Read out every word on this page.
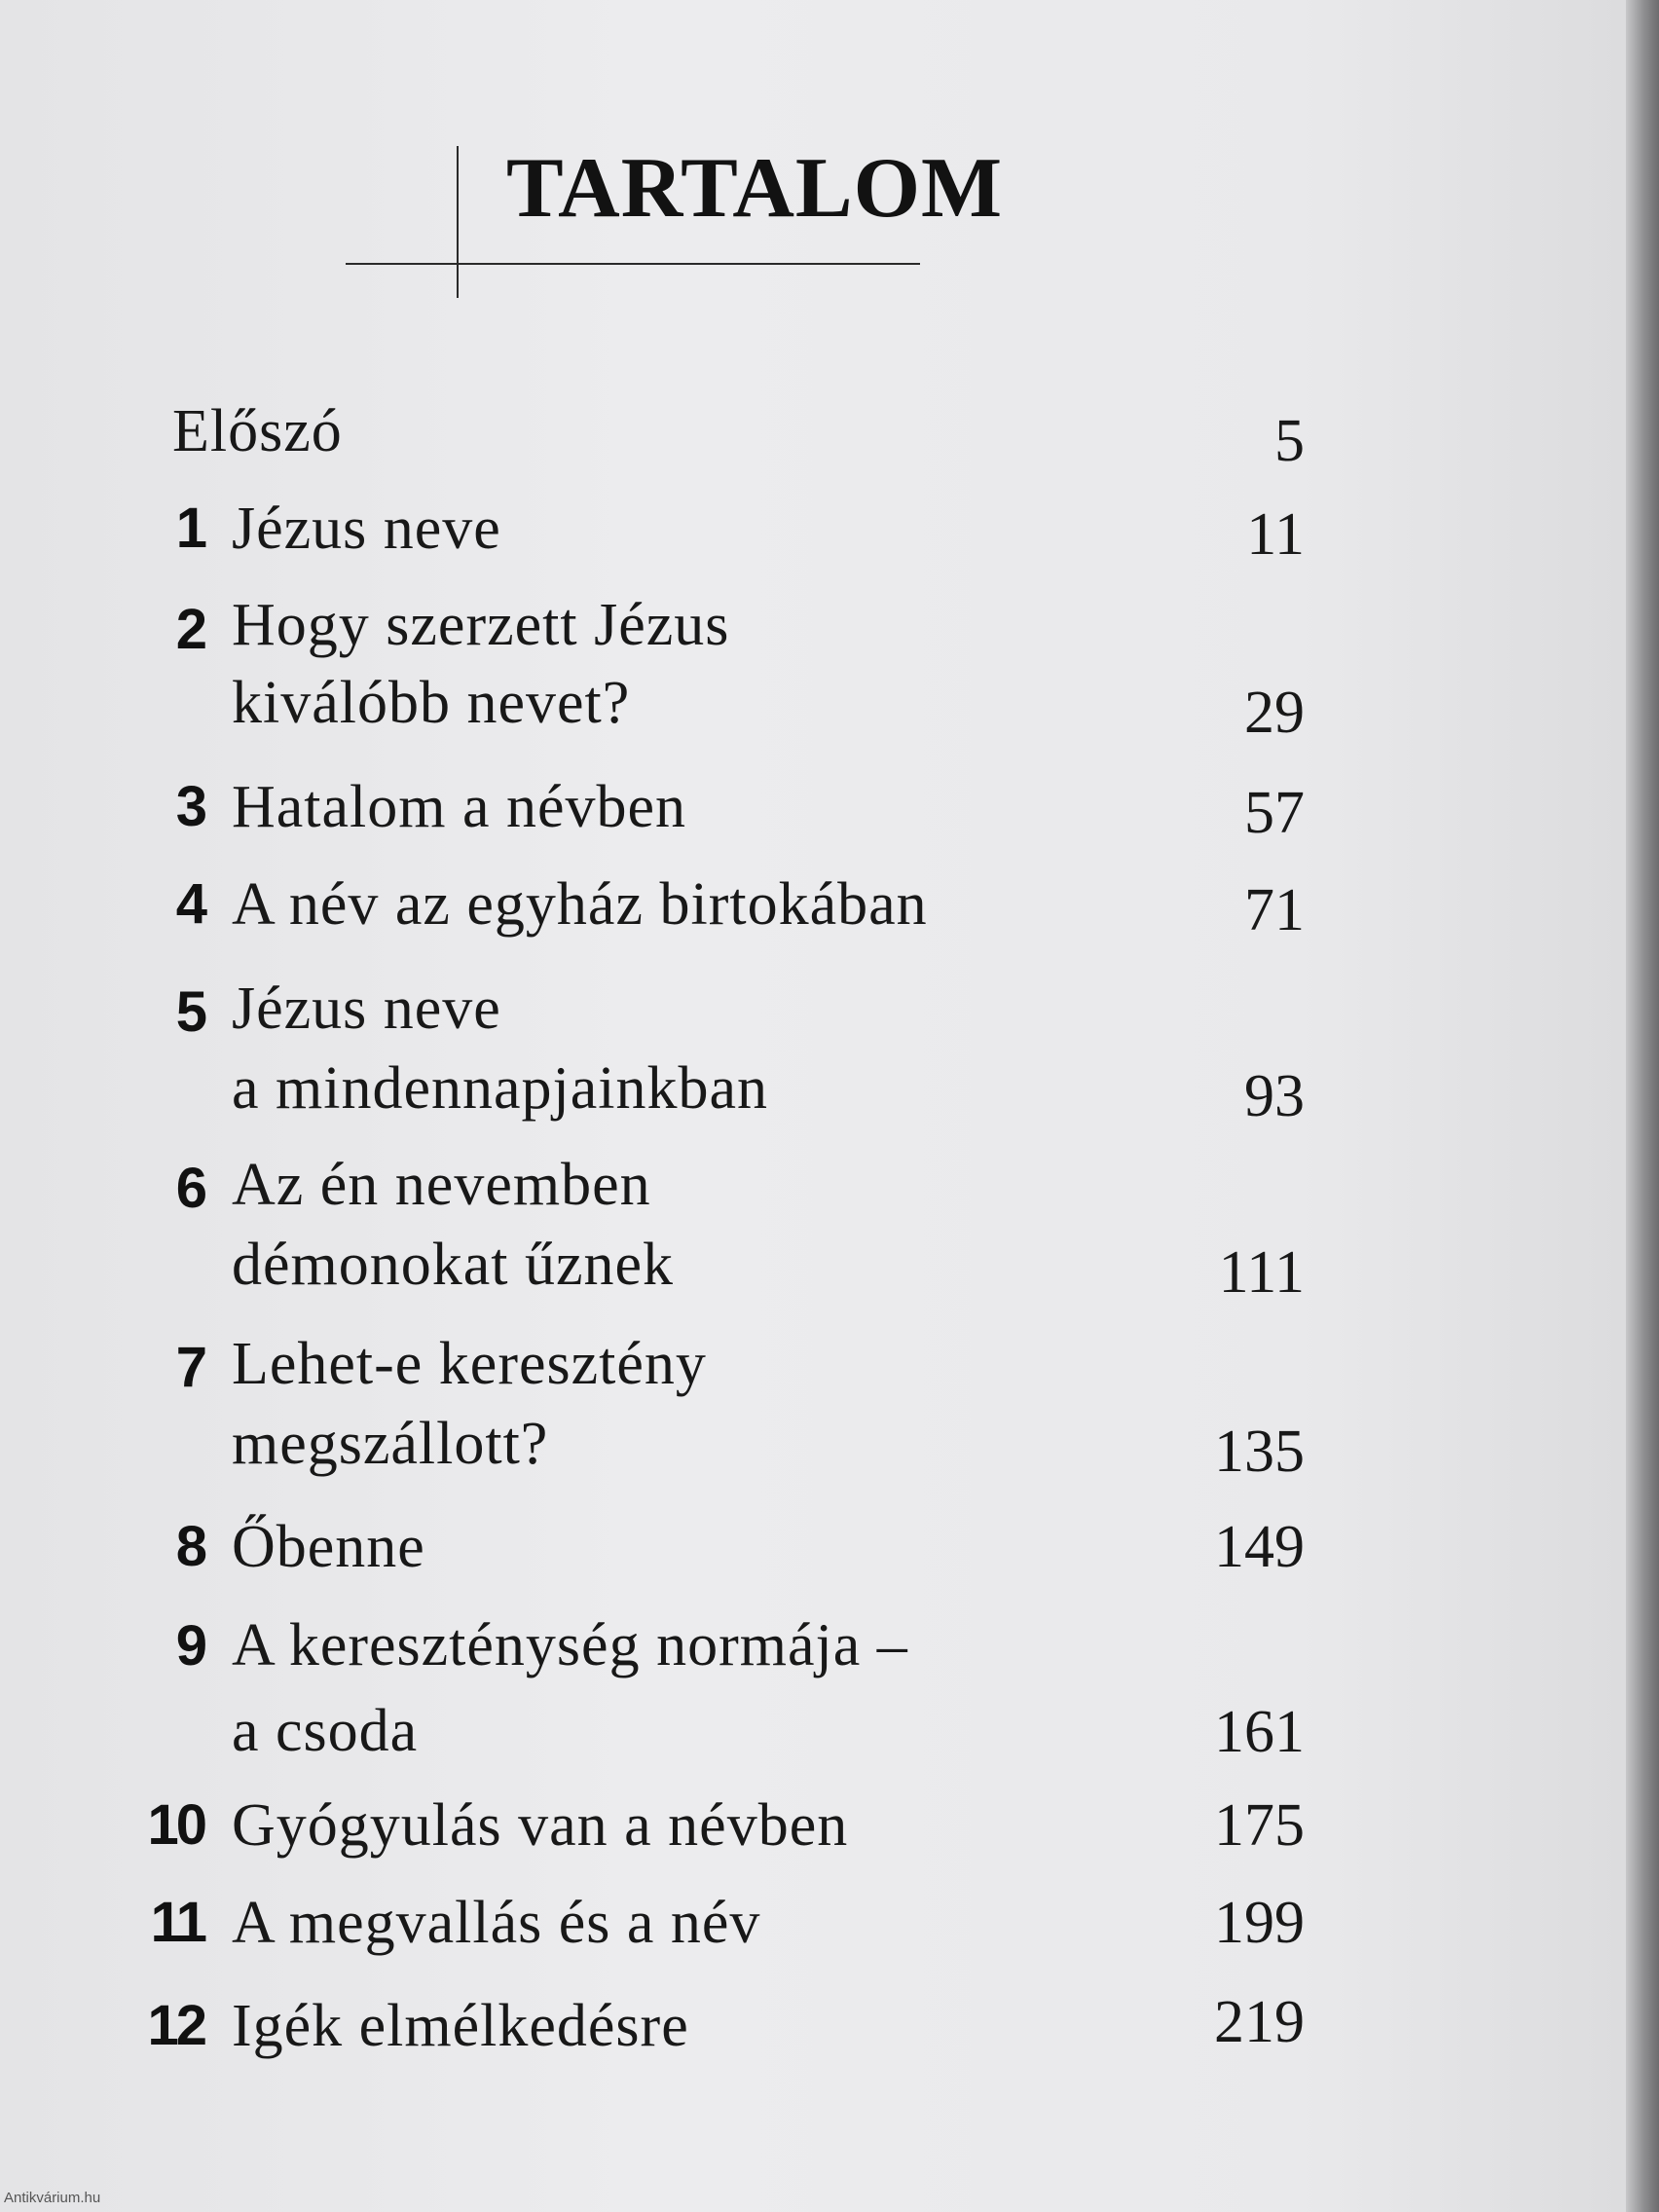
TARTALOM
Előszó	5
1 Jézus neve	11
2 Hogy szerzett Jézus
kiválóbb nevet?	29
3 Hatalom a névben	57
4 A név az egyház birtokában	71
5 Jézus neve
a mindennapjainkban	93
6 Az én nevemben
démonokat űznek	111
7 Lehet-e keresztény
megszállott?	135
8 Őbenne	149
9 A kereszténység normája –
a csoda	161
10 Gyógyulás van a névben	175
11 A megvallás és a név	199
12 Igék elmélkedésre	219
Antikvárium.hu
